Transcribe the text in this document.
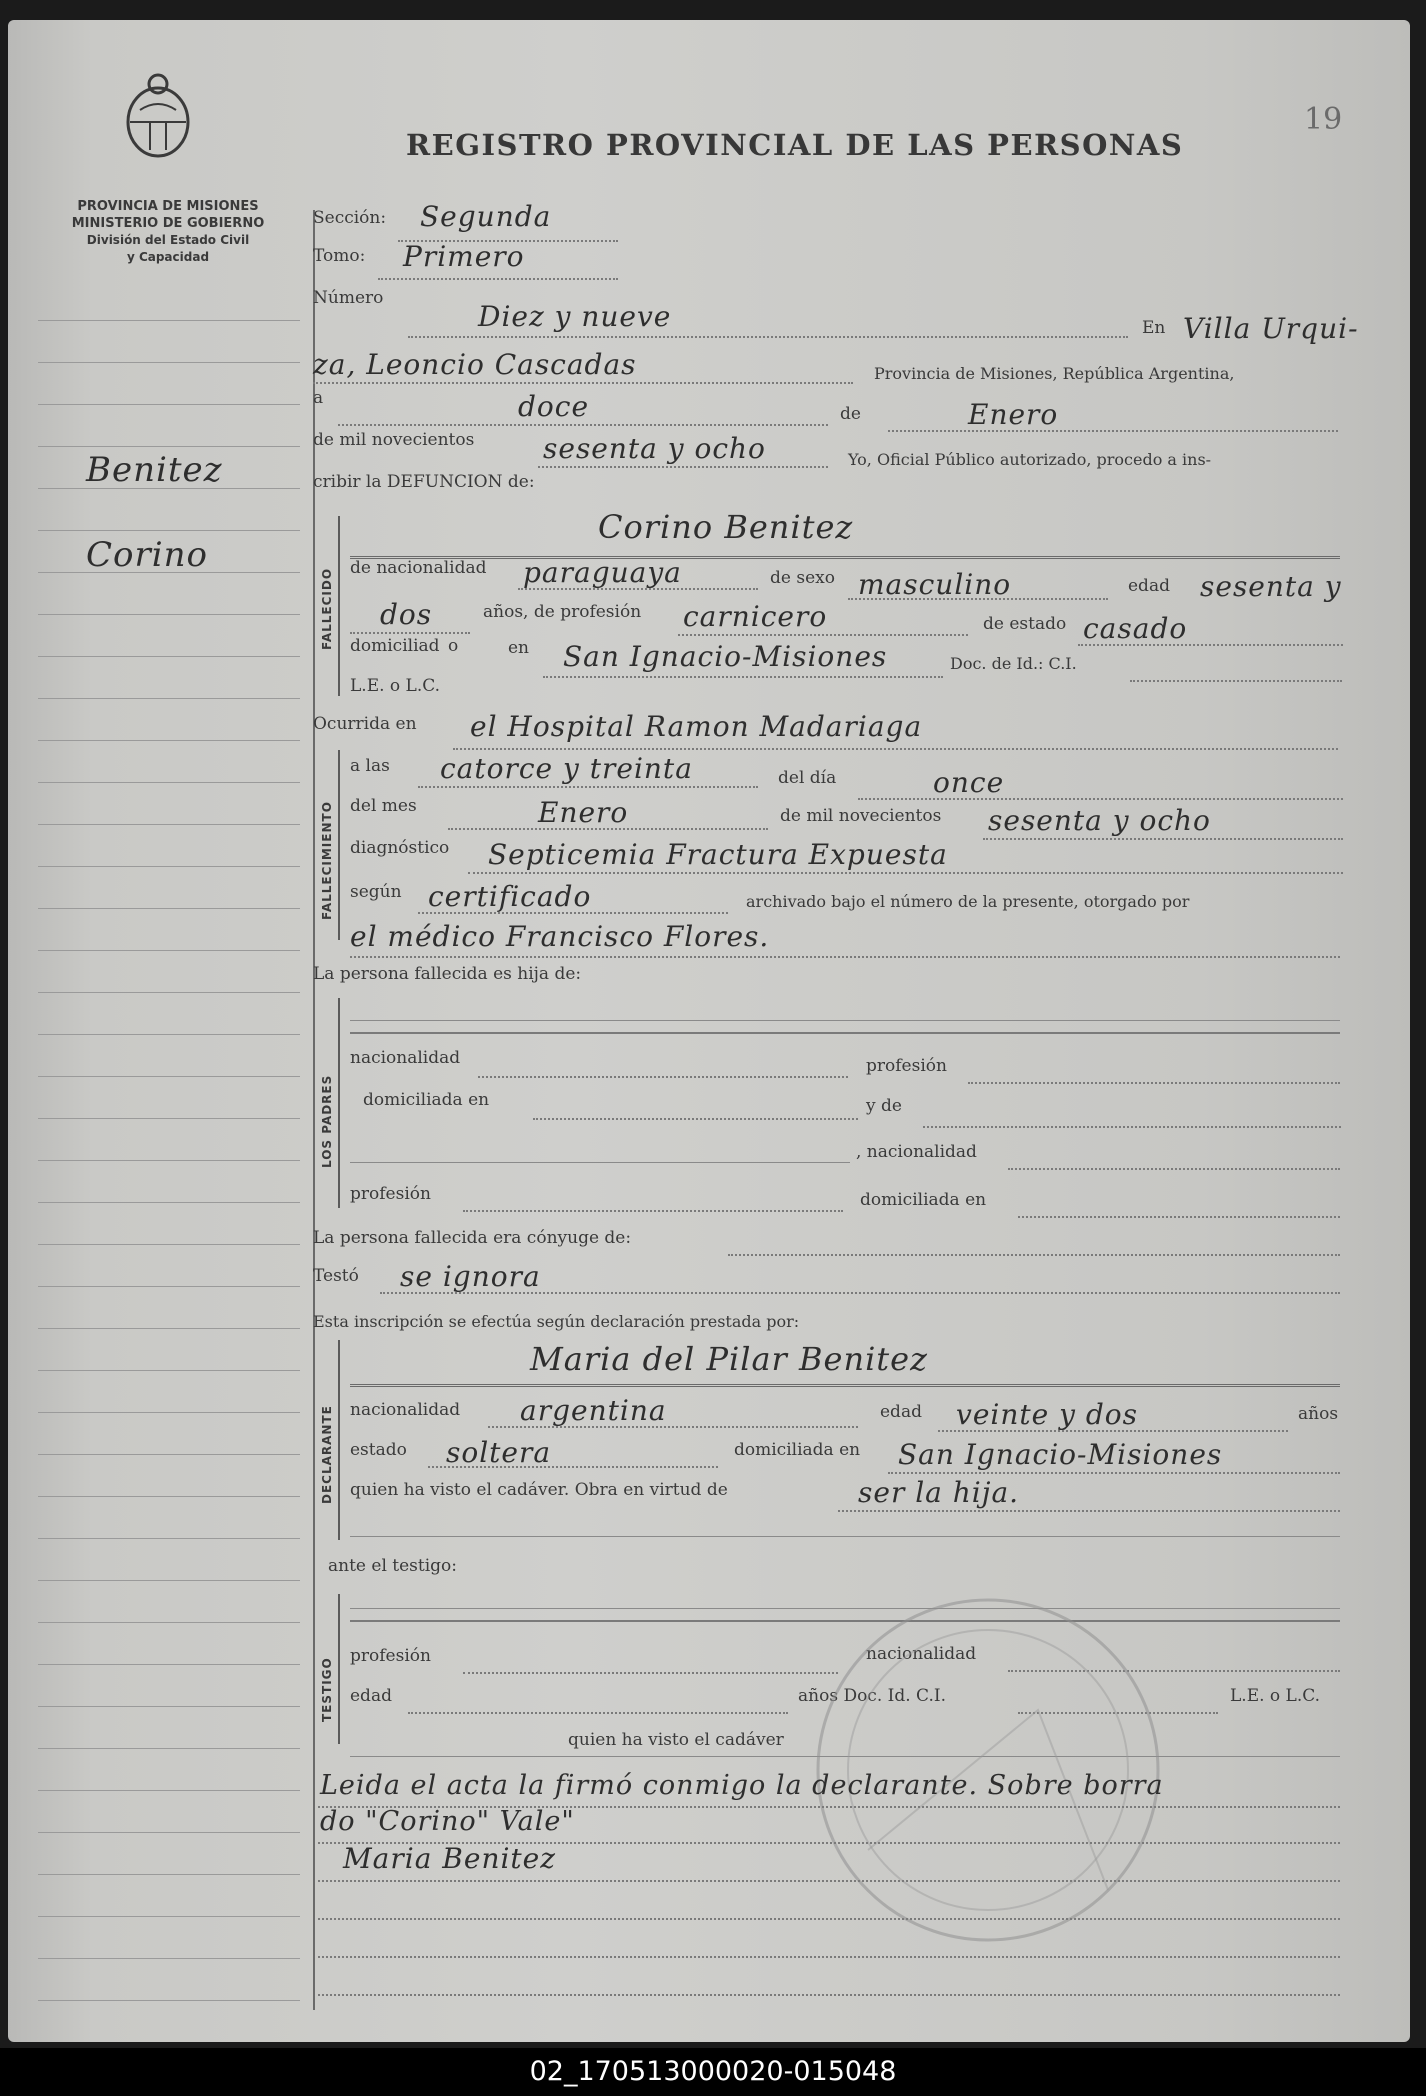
PROVINCIA DE MISIONES
MINISTERIO DE GOBIERNO
División del Estado Civil
y Capacidad
REGISTRO PROVINCIAL DE LAS PERSONAS
19
Benitez
Corino
Sección: Segunda
Tomo: Primero
Número
Diez y nueve	En Villa Urqui-
za, Leoncio Cascadas	Provincia de Misiones, República Argentina,
a	doce	de	Enero
de mil novecientos sesenta y ocho	Yo, Oficial Público autorizado, procedo a ins-
cribir la DEFUNCION de:
FALLECIDO
Corino Benitez
de nacionalidad paraguaya	de sexo masculino	edad sesenta y
dos	años, de profesión carnicero	de estado casado
domiciliad o	en San Ignacio-Misiones	Doc. de Id.: C.I.
L.E. o L.C.
Ocurrida en el Hospital Ramon Madariaga
FALLECIMIENTO
a las catorce y treinta	del día	once
del mes	Enero	de mil novecientos sesenta y ocho
diagnóstico Septicemia Fractura Expuesta
según certificado	archivado bajo el número de la presente, otorgado por
el médico Francisco Flores.
La persona fallecida es hija de:
LOS PADRES
nacionalidad	profesión
domiciliada en	y de
, nacionalidad
profesión	domiciliada en
La persona fallecida era cónyuge de:
Testó se ignora
Esta inscripción se efectúa según declaración prestada por:
DECLARANTE
Maria del Pilar Benitez
nacionalidad argentina	edad veinte y dos	años
estado soltera	domiciliada en San Ignacio-Misiones
quien ha visto el cadáver. Obra en virtud de	ser la hija.
ante el testigo:
TESTIGO
profesión	nacionalidad
edad	años Doc. Id. C.I.	L.E. o L.C.
quien ha visto el cadáver
Leida el acta la firmó conmigo la declarante. Sobre borra
do "Corino" Vale"
Maria Benitez
02_170513000020-015048
